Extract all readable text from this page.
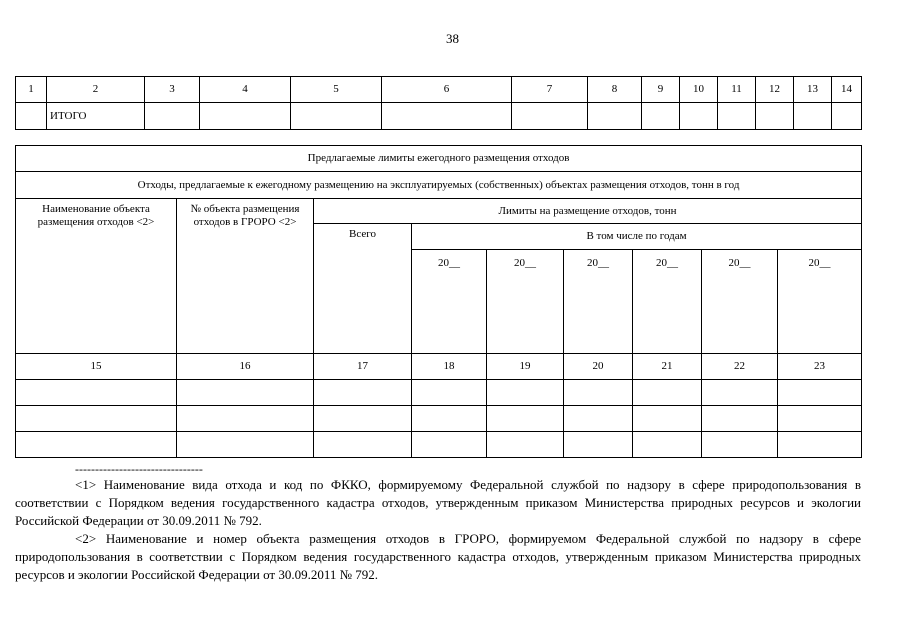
38
1	2	3	4	5	6	7	8	9	10	11	12	13	14
	ИТОГО												
Предлагаемые лимиты ежегодного размещения отходов								
Отходы, предлагаемые к ежегодному размещению на эксплуатируемых (собственных) объектах размещения отходов, тонн в год								
Наименование объекта размещения отходов <2>	№ объекта размещения отходов в ГРОРО <2>	Лимиты на размещение отходов, тонн						
		Всего	В том числе по годам					
			20__	20__	20__	20__	20__	20__
15	16	17	18	19	20	21	22	23

--------------------------------

<1> Наименование вида отхода и код по ФККО, формируемому Федеральной службой по надзору в сфере природопользования в соответствии с Порядком ведения государственного кадастра отходов, утвержденным приказом Министерства природных ресурсов и экологии Российской Федерации от 30.09.2011 № 792.

<2> Наименование и номер объекта размещения отходов в ГРОРО, формируемом Федеральной службой по надзору в сфере природопользования в соответствии с Порядком ведения государственного кадастра отходов, утвержденным приказом Министерства природных ресурсов и экологии Российской Федерации от 30.09.2011 № 792.
